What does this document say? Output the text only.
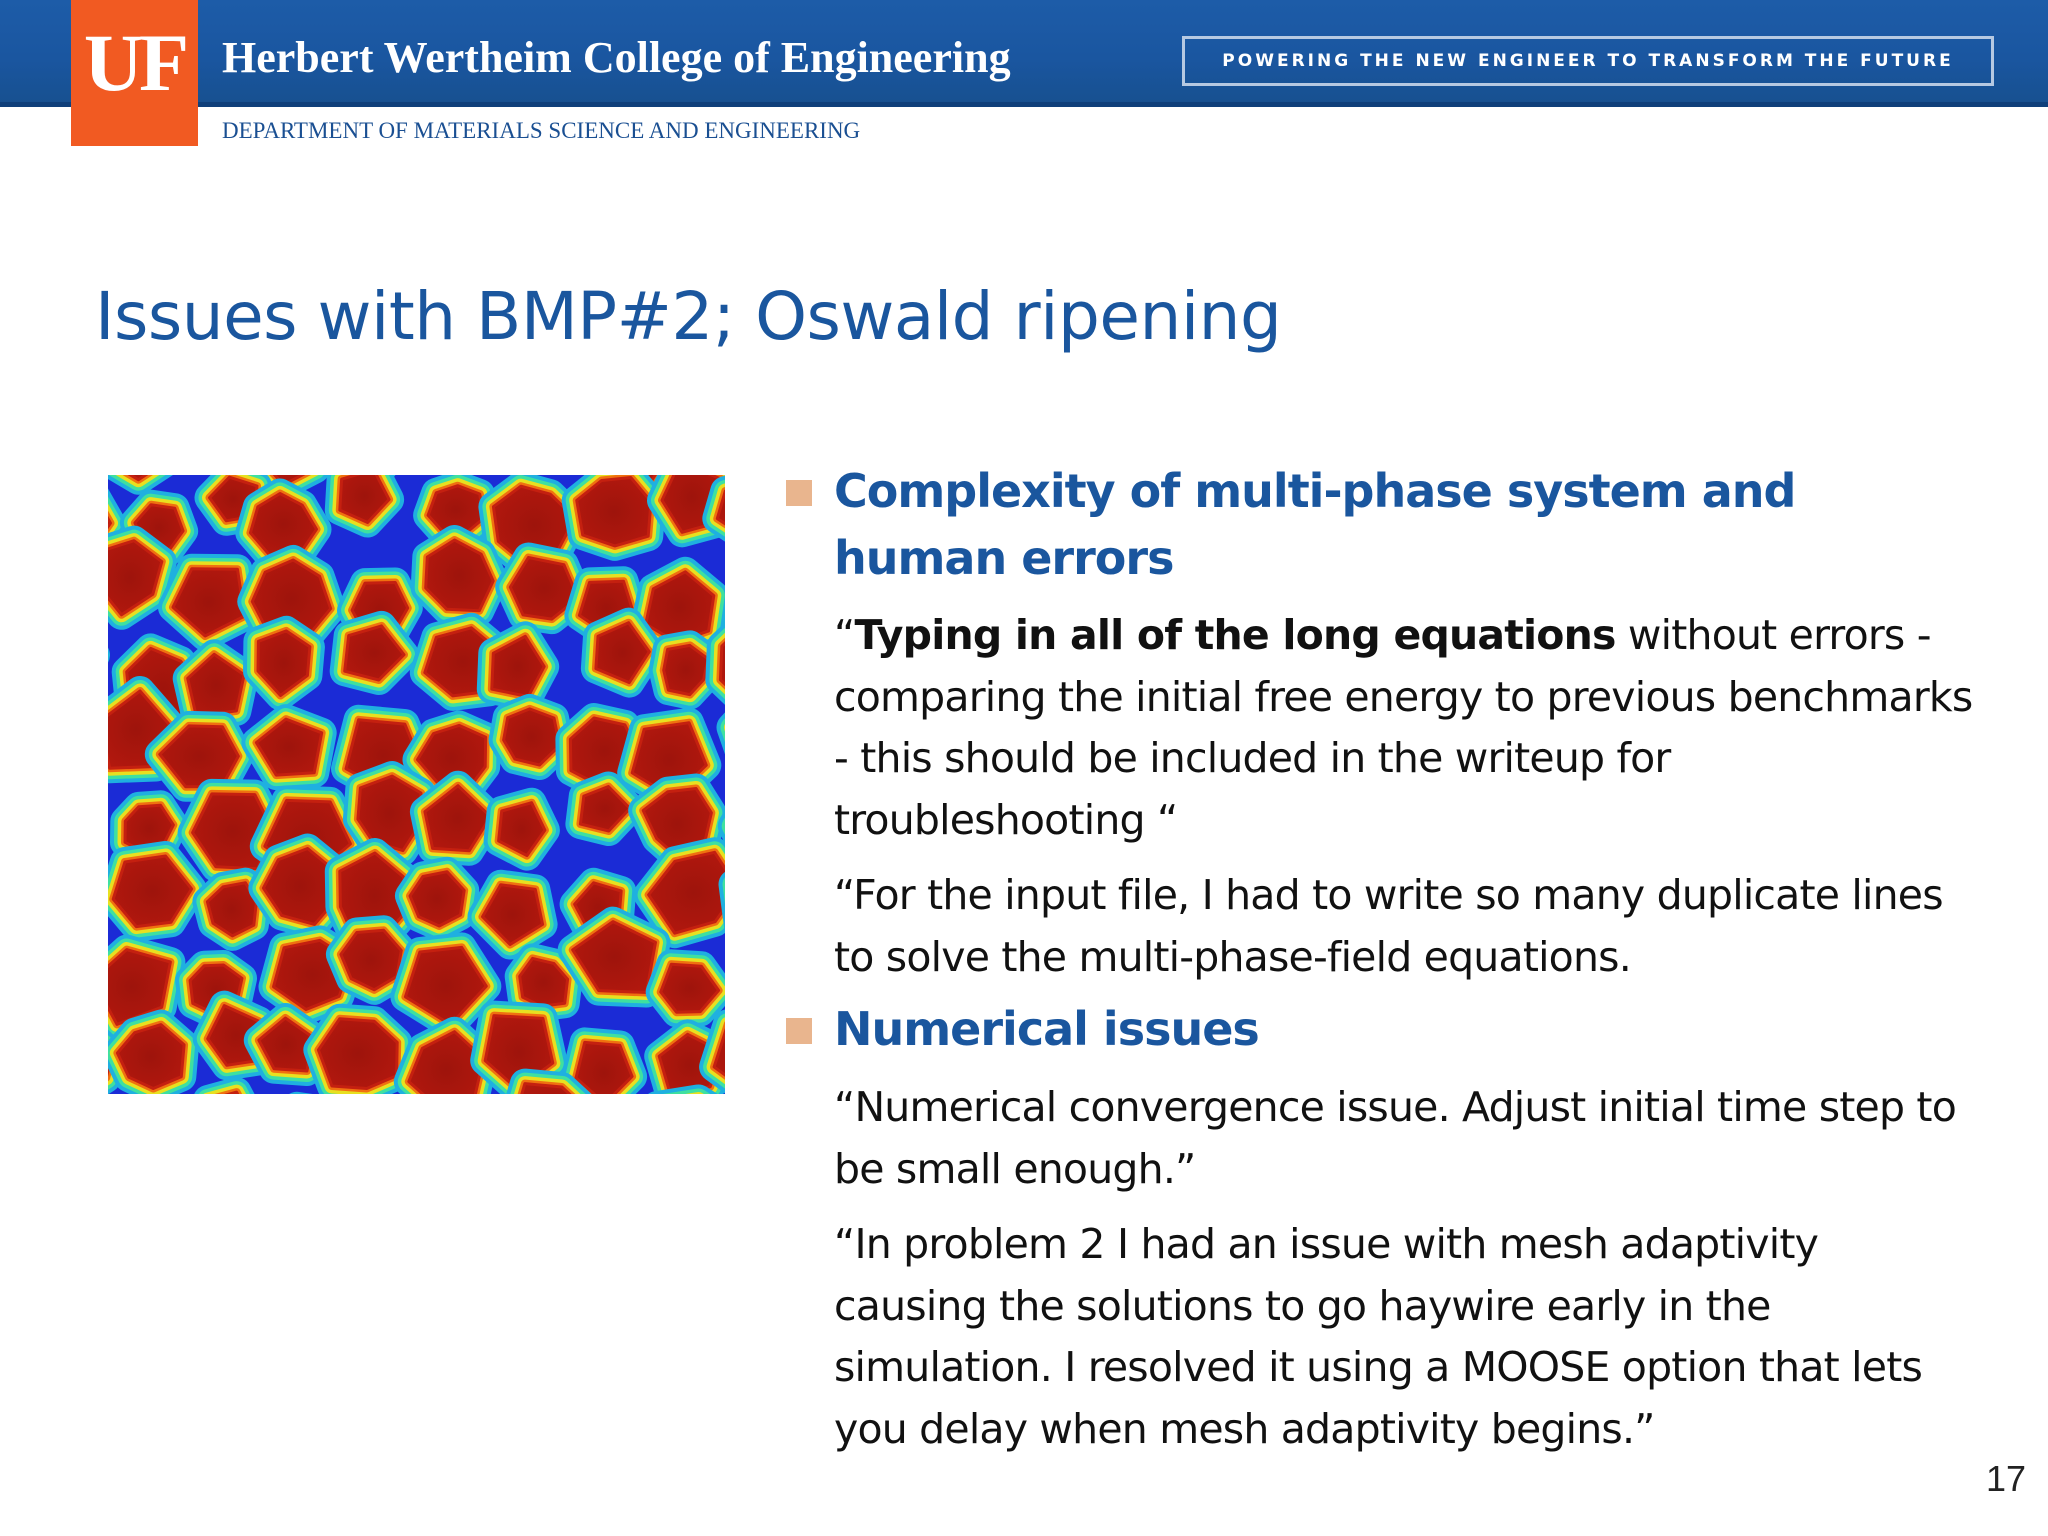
UF Herbert Wertheim College of Engineering	POWERING THE NEW ENGINEER TO TRANSFORM THE FUTURE
DEPARTMENT OF MATERIALS SCIENCE AND ENGINEERING
Issues with BMP#2; Oswald ripening
Complexity of multi-phase system and human errors
“Typing in all of the long equations without errors - comparing the initial free energy to previous benchmarks - this should be included in the writeup for troubleshooting “
“For the input file, I had to write so many duplicate lines to solve the multi-phase-field equations.
Numerical issues
“Numerical convergence issue. Adjust initial time step to be small enough.”
“In problem 2 I had an issue with mesh adaptivity causing the solutions to go haywire early in the simulation. I resolved it using a MOOSE option that lets you delay when mesh adaptivity begins.”
17
